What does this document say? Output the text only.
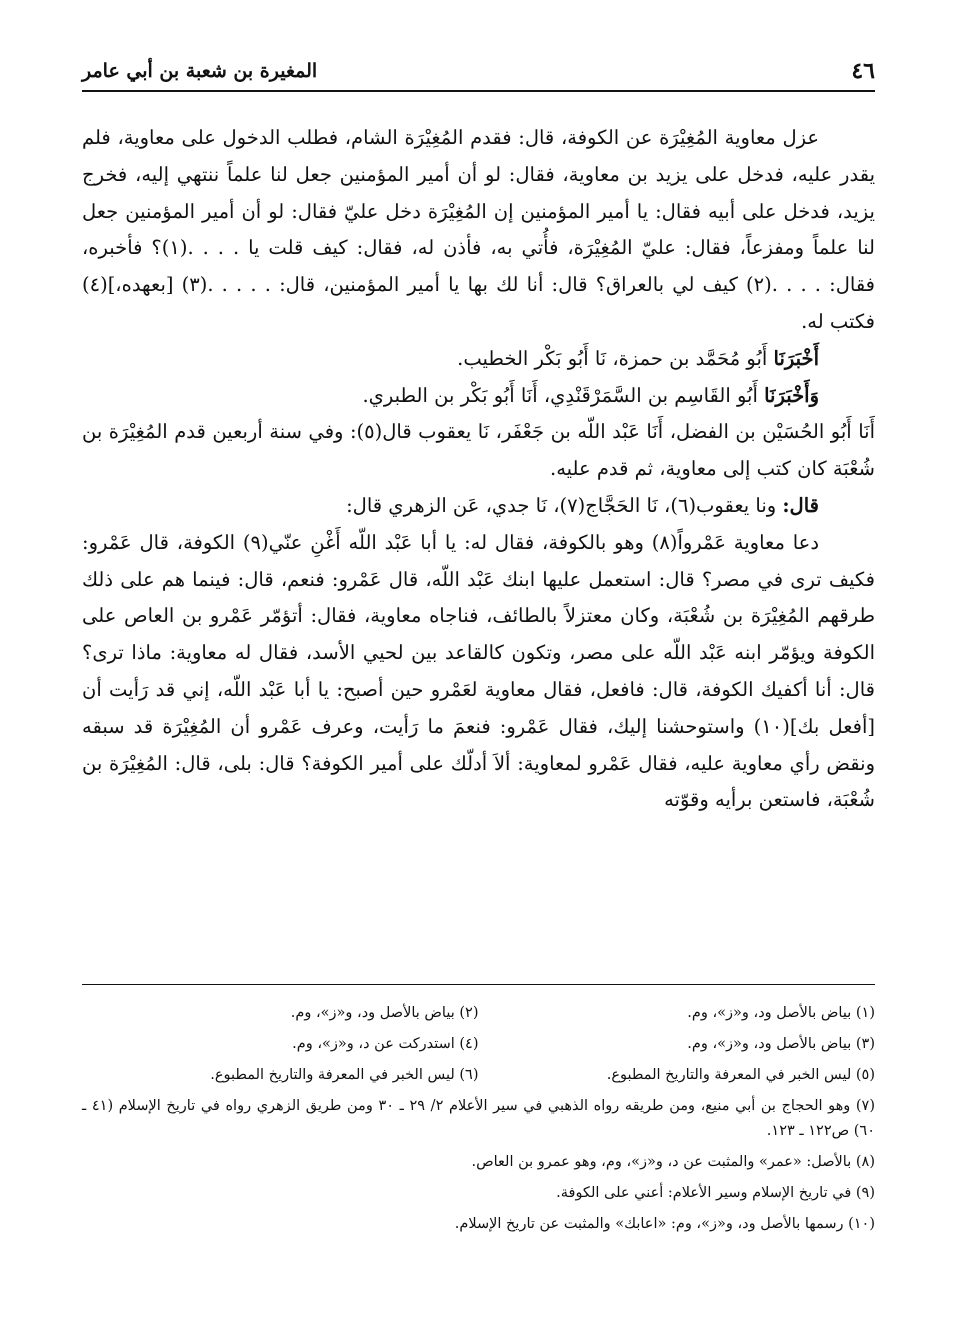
٤٦
المغيرة بن شعبة بن أبي عامر

عزل معاوية المُغِيْرَة عن الكوفة، قال: فقدم المُغِيْرَة الشام، فطلب الدخول على معاوية، فلم يقدر عليه، فدخل على يزيد بن معاوية، فقال: لو أن أمير المؤمنين جعل لنا علماً ننتهي إليه، فخرج يزيد، فدخل على أبيه فقال: يا أمير المؤمنين إن المُغِيْرَة دخل عليّ فقال: لو أن أمير المؤمنين جعل لنا علماً ومفزعاً، فقال: عليّ المُغِيْرَة، فأُتي به، فأذن له، فقال: كيف قلت يا . . . .(١)؟ فأخبره، فقال: . . . .(٢) كيف لي بالعراق؟ قال: أنا لك بها يا أمير المؤمنين، قال: . . . . .(٣) [بعهده،](٤) فكتب له.

أَخْبَرَنَا أَبُو مُحَمَّد بن حمزة، نَا أَبُو بَكْر الخطيب.

وَأَخْبَرَنَا أَبُو القَاسِم بن السَّمَرْقَنْدِي، أَنَا أَبُو بَكْر بن الطبري.

أَنَا أَبُو الحُسَيْن بن الفضل، أَنَا عَبْد اللّه بن جَعْفَر، نَا يعقوب قال(٥): وفي سنة أربعين قدم المُغِيْرَة بن شُعْبَة كان كتب إلى معاوية، ثم قدم عليه.

قال: ونا يعقوب(٦)، نَا الحَجَّاج(٧)، نَا جدي، عَن الزهري قال:

دعا معاوية عَمْرواً(٨) وهو بالكوفة، فقال له: يا أبا عَبْد اللّه أَغْنِ عنّي(٩) الكوفة، قال عَمْرو: فكيف ترى في مصر؟ قال: استعمل عليها ابنك عَبْد اللّه، قال عَمْرو: فنعم، قال: فينما هم على ذلك طرقهم المُغِيْرَة بن شُعْبَة، وكان معتزلاً بالطائف، فناجاه معاوية، فقال: أتؤمّر عَمْرو بن العاص على الكوفة ويؤمّر ابنه عَبْد اللّه على مصر، وتكون كالقاعد بين لحيي الأسد، فقال له معاوية: ماذا ترى؟ قال: أنا أكفيك الكوفة، قال: فافعل، فقال معاوية لعَمْرو حين أصبح: يا أبا عَبْد اللّه، إني قد رَأيت أن [أفعل بك](١٠) واستوحشنا إليك، فقال عَمْرو: فنعمَ ما رَأيت، وعرف عَمْرو أن المُغِيْرَة قد سبقه ونقض رأي معاوية عليه، فقال عَمْرو لمعاوية: ألاَ أدلّك على أمير الكوفة؟ قال: بلى، قال: المُغِيْرَة بن شُعْبَة، فاستعن برأيه وقوّته

(١) بياض بالأصل ود، و«ز»، وم.
(٢) بياض بالأصل ود، و«ز»، وم.
(٣) بياض بالأصل ود، و«ز»، وم.
(٤) استدركت عن د، و«ز»، وم.
(٥) ليس الخبر في المعرفة والتاريخ المطبوع.
(٦) ليس الخبر في المعرفة والتاريخ المطبوع.
(٧) وهو الحجاج بن أبي منيع، ومن طريقه رواه الذهبي في سير الأعلام ٢/ ٢٩ ـ ٣٠ ومن طريق الزهري رواه في تاريخ الإسلام (٤١ ـ ٦٠) ص١٢٢ ـ ١٢٣.
(٨) بالأصل: «عمر» والمثبت عن د، و«ز»، وم، وهو عمرو بن العاص.
(٩) في تاريخ الإسلام وسير الأعلام: أعني على الكوفة.
(١٠) رسمها بالأصل ود، و«ز»، وم: «اعابك» والمثبت عن تاريخ الإسلام.
